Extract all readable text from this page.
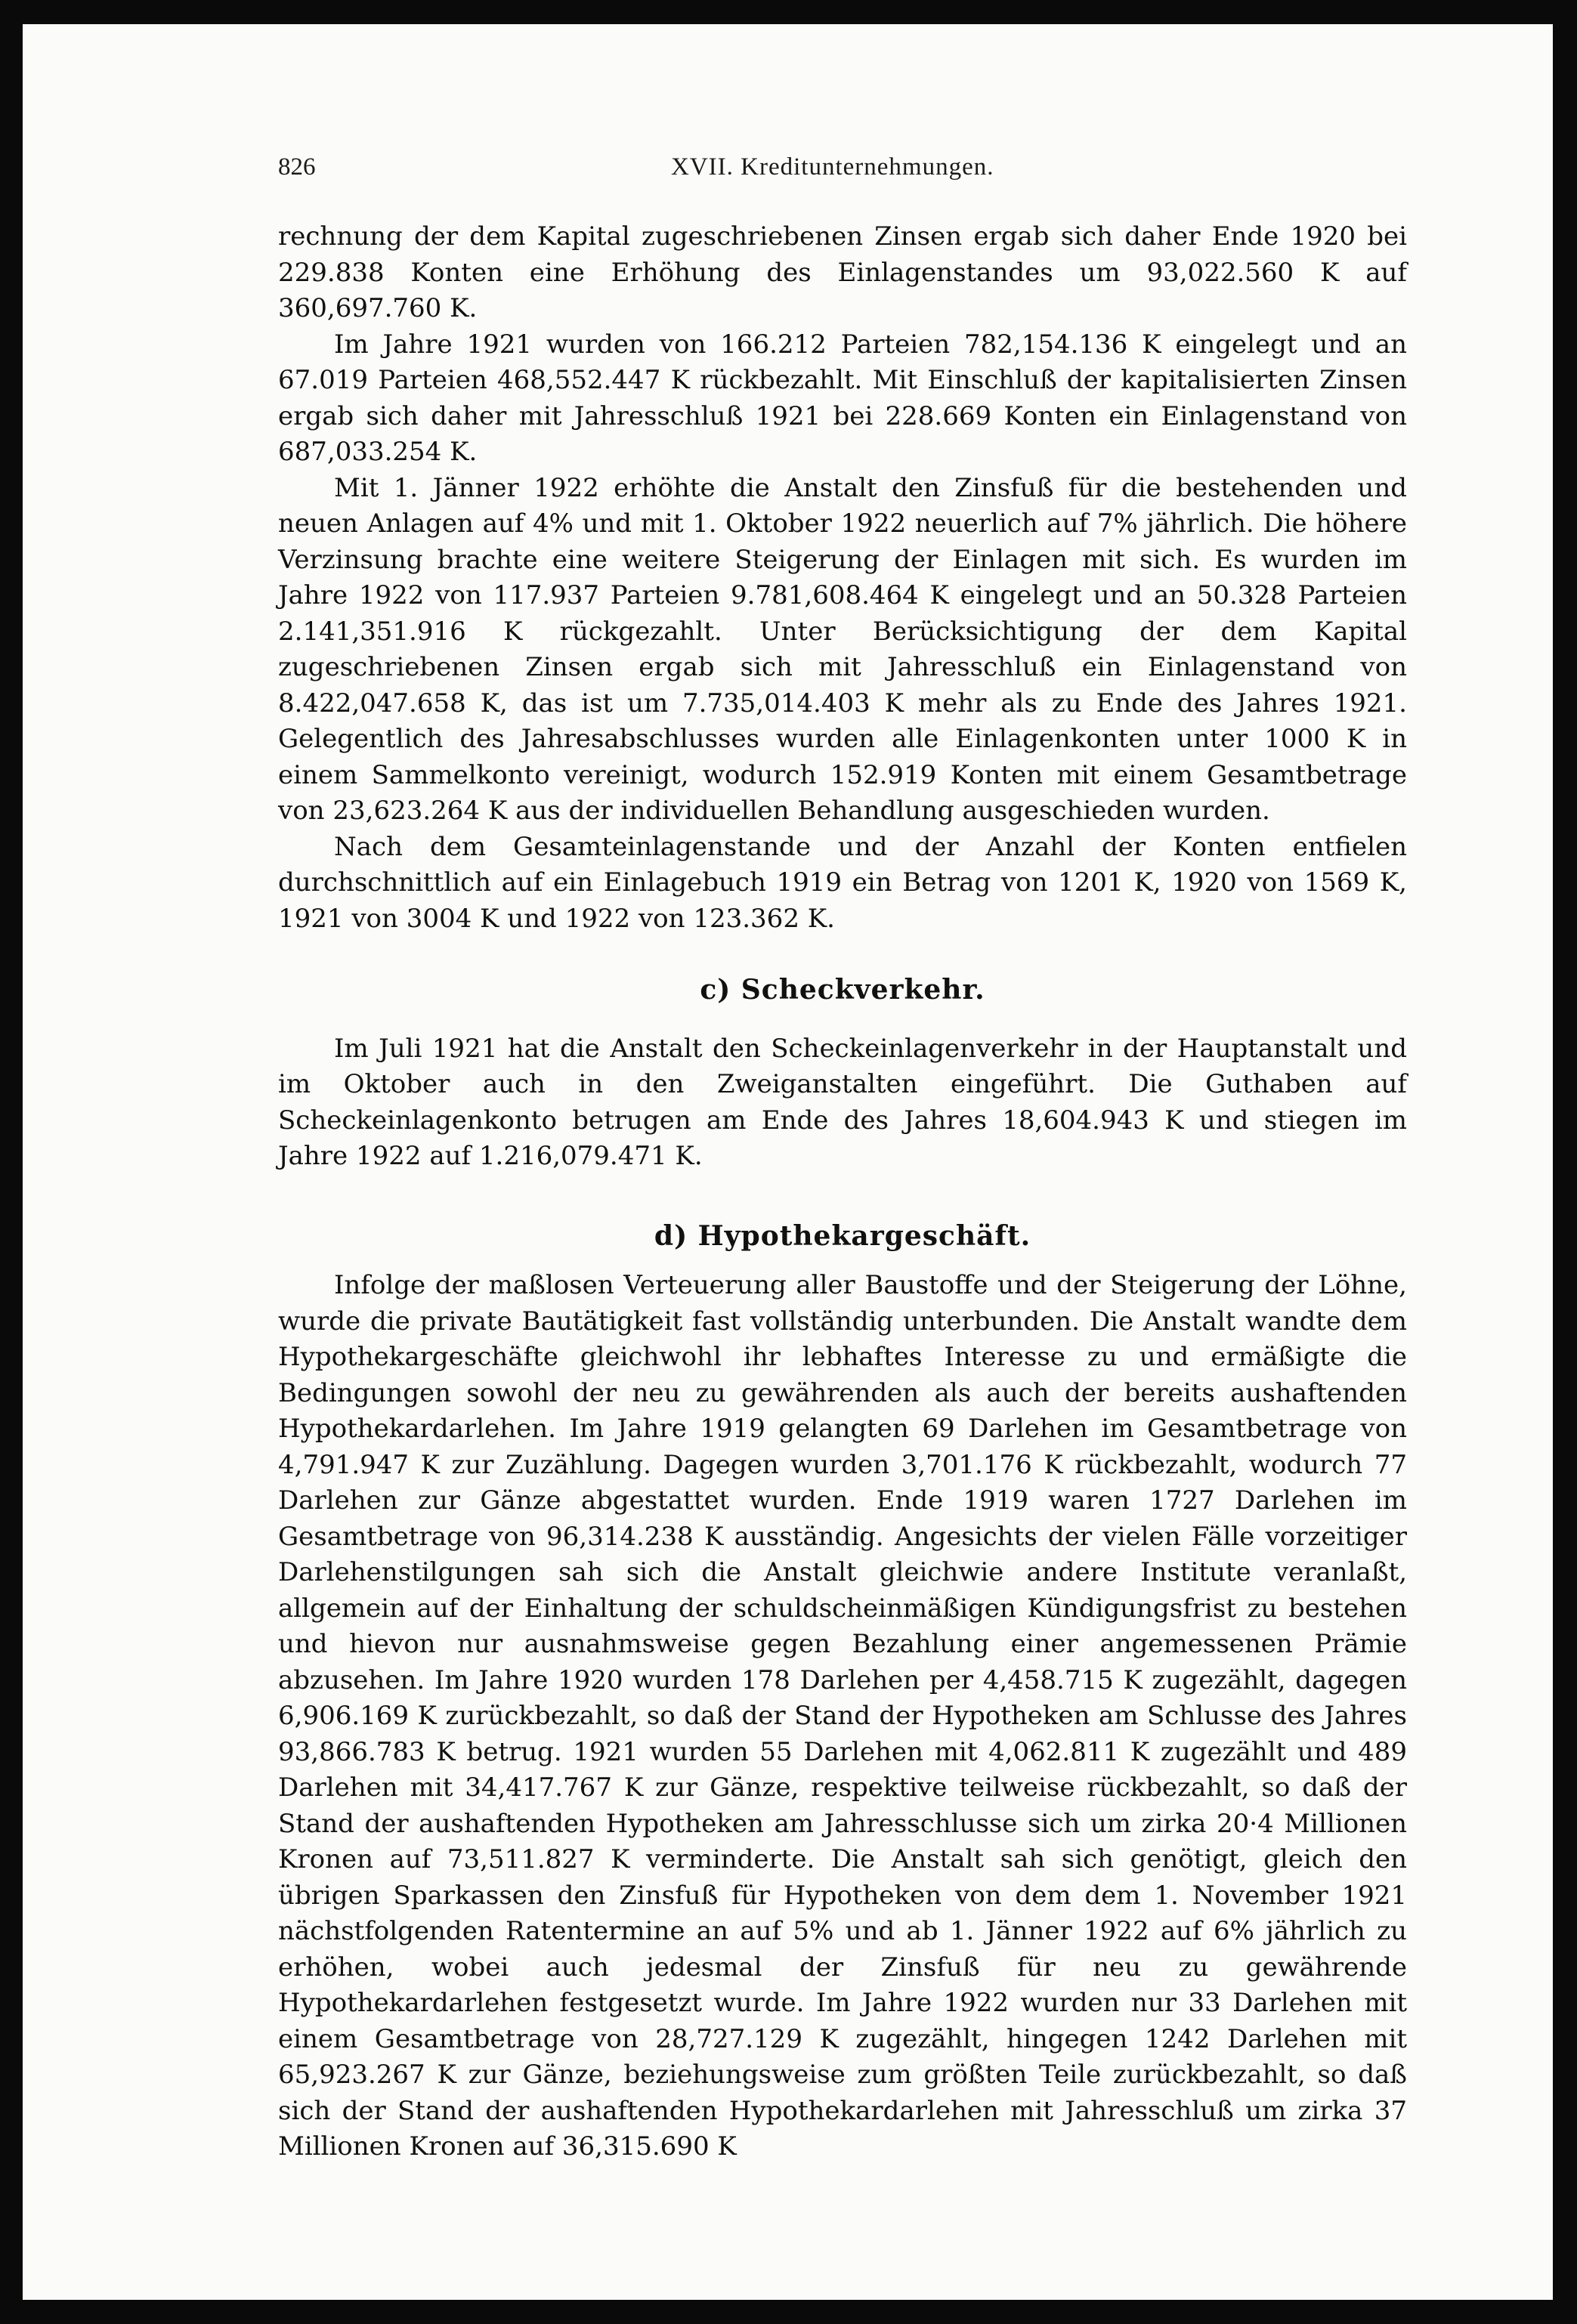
826	XVII. Kreditunternehmungen.

rechnung der dem Kapital zugeschriebenen Zinsen ergab sich daher Ende 1920 bei 229.838 Konten eine Erhöhung des Einlagenstandes um 93,022.560 K auf 360,697.760 K.

Im Jahre 1921 wurden von 166.212 Parteien 782,154.136 K eingelegt und an 67.019 Parteien 468,552.447 K rückbezahlt. Mit Einschluß der kapitalisierten Zinsen ergab sich daher mit Jahresschluß 1921 bei 228.669 Konten ein Einlagenstand von 687,033.254 K.

Mit 1. Jänner 1922 erhöhte die Anstalt den Zinsfuß für die bestehenden und neuen Anlagen auf 4% und mit 1. Oktober 1922 neuerlich auf 7% jährlich. Die höhere Verzinsung brachte eine weitere Steigerung der Einlagen mit sich. Es wurden im Jahre 1922 von 117.937 Parteien 9.781,608.464 K eingelegt und an 50.328 Parteien 2.141,351.916 K rückgezahlt. Unter Berücksichtigung der dem Kapital zugeschriebenen Zinsen ergab sich mit Jahresschluß ein Einlagenstand von 8.422,047.658 K, das ist um 7.735,014.403 K mehr als zu Ende des Jahres 1921. Gelegentlich des Jahresabschlusses wurden alle Einlagenkonten unter 1000 K in einem Sammelkonto vereinigt, wodurch 152.919 Konten mit einem Gesamtbetrage von 23,623.264 K aus der individuellen Behandlung ausgeschieden wurden.

Nach dem Gesamteinlagenstande und der Anzahl der Konten entfielen durchschnittlich auf ein Einlagebuch 1919 ein Betrag von 1201 K, 1920 von 1569 K, 1921 von 3004 K und 1922 von 123.362 K.

c) Scheckverkehr.

Im Juli 1921 hat die Anstalt den Scheckeinlagenverkehr in der Hauptanstalt und im Oktober auch in den Zweiganstalten eingeführt. Die Guthaben auf Scheckeinlagenkonto betrugen am Ende des Jahres 18,604.943 K und stiegen im Jahre 1922 auf 1.216,079.471 K.

d) Hypothekargeschäft.

Infolge der maßlosen Verteuerung aller Baustoffe und der Steigerung der Löhne, wurde die private Bautätigkeit fast vollständig unterbunden. Die Anstalt wandte dem Hypothekargeschäfte gleichwohl ihr lebhaftes Interesse zu und ermäßigte die Bedingungen sowohl der neu zu gewährenden als auch der bereits aushaftenden Hypothekardarlehen. Im Jahre 1919 gelangten 69 Darlehen im Gesamtbetrage von 4,791.947 K zur Zuzählung. Dagegen wurden 3,701.176 K rückbezahlt, wodurch 77 Darlehen zur Gänze abgestattet wurden. Ende 1919 waren 1727 Darlehen im Gesamtbetrage von 96,314.238 K ausständig. Angesichts der vielen Fälle vorzeitiger Darlehenstilgungen sah sich die Anstalt gleichwie andere Institute veranlaßt, allgemein auf der Einhaltung der schuldscheinmäßigen Kündigungsfrist zu bestehen und hievon nur ausnahmsweise gegen Bezahlung einer angemessenen Prämie abzusehen. Im Jahre 1920 wurden 178 Darlehen per 4,458.715 K zugezählt, dagegen 6,906.169 K zurückbezahlt, so daß der Stand der Hypotheken am Schlusse des Jahres 93,866.783 K betrug. 1921 wurden 55 Darlehen mit 4,062.811 K zugezählt und 489 Darlehen mit 34,417.767 K zur Gänze, respektive teilweise rückbezahlt, so daß der Stand der aushaftenden Hypotheken am Jahresschlusse sich um zirka 20·4 Millionen Kronen auf 73,511.827 K verminderte. Die Anstalt sah sich genötigt, gleich den übrigen Sparkassen den Zinsfuß für Hypotheken von dem dem 1. November 1921 nächstfolgenden Ratentermine an auf 5% und ab 1. Jänner 1922 auf 6% jährlich zu erhöhen, wobei auch jedesmal der Zinsfuß für neu zu gewährende Hypothekardarlehen festgesetzt wurde. Im Jahre 1922 wurden nur 33 Darlehen mit einem Gesamtbetrage von 28,727.129 K zugezählt, hingegen 1242 Darlehen mit 65,923.267 K zur Gänze, beziehungsweise zum größten Teile zurückbezahlt, so daß sich der Stand der aushaftenden Hypothekardarlehen mit Jahresschluß um zirka 37 Millionen Kronen auf 36,315.690 K
